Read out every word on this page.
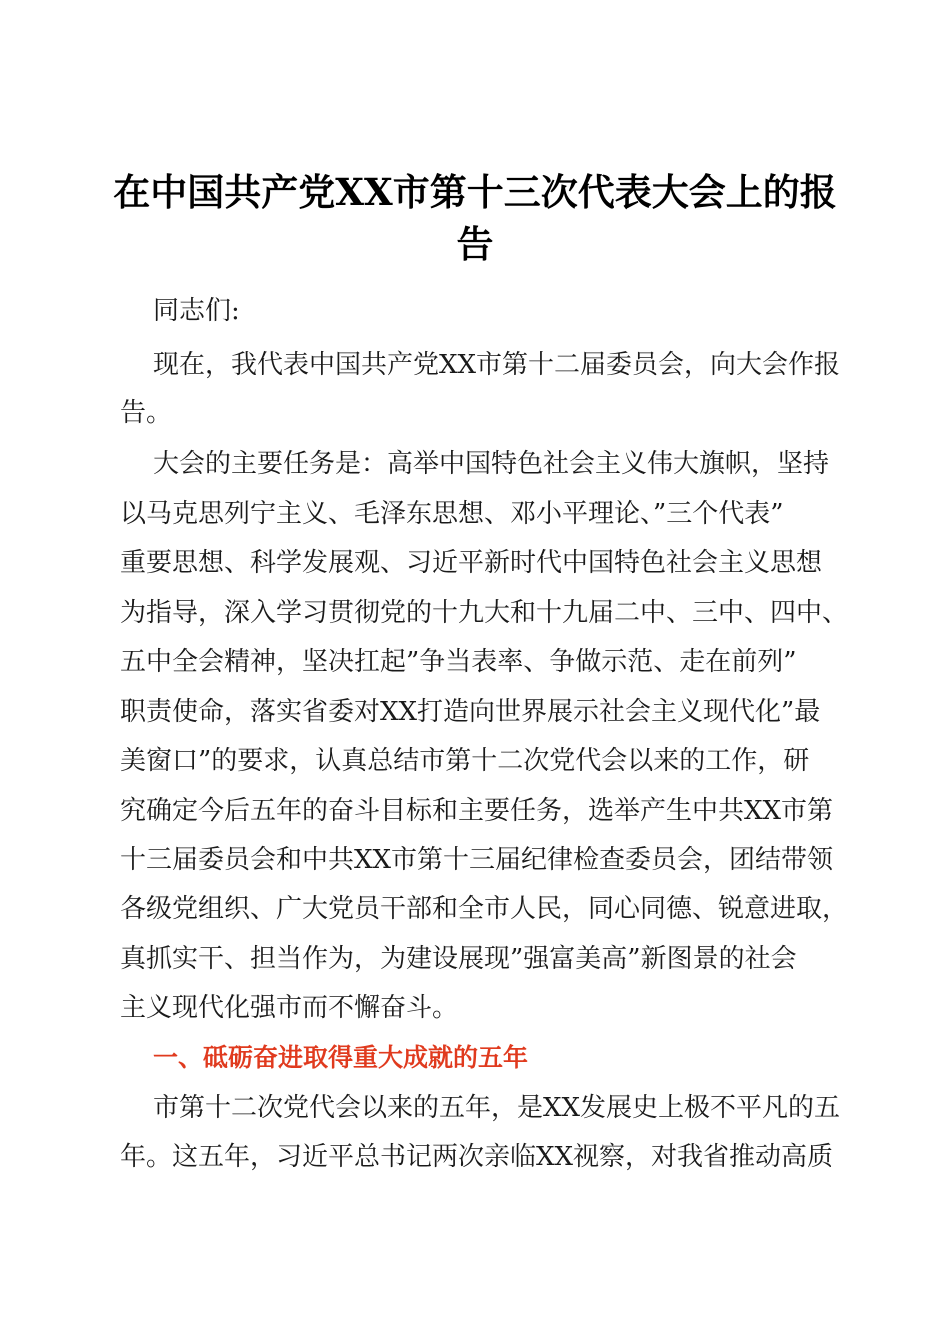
在中国共产党XX市第十三次代表大会上的报
告

同志们:

现在，我代表中国共产党XX市第十二届委员会，向大会作报

告。

大会的主要任务是：高举中国特色社会主义伟大旗帜，坚持

以马克思列宁主义、毛泽东思想、邓小平理论、”三个代表”

重要思想、科学发展观、习近平新时代中国特色社会主义思想

为指导，深入学习贯彻党的十九大和十九届二中、三中、四中、

五中全会精神，坚决扛起”争当表率、争做示范、走在前列”

职责使命，落实省委对XX打造向世界展示社会主义现代化”最

美窗口”的要求，认真总结市第十二次党代会以来的工作，研

究确定今后五年的奋斗目标和主要任务，选举产生中共XX市第

十三届委员会和中共XX市第十三届纪律检查委员会，团结带领

各级党组织、广大党员干部和全市人民，同心同德、锐意进取，

真抓实干、担当作为，为建设展现”强富美高”新图景的社会

主义现代化强市而不懈奋斗。

一、砥砺奋进取得重大成就的五年

市第十二次党代会以来的五年，是XX发展史上极不平凡的五

年。这五年，习近平总书记两次亲临XX视察，对我省推动高质
